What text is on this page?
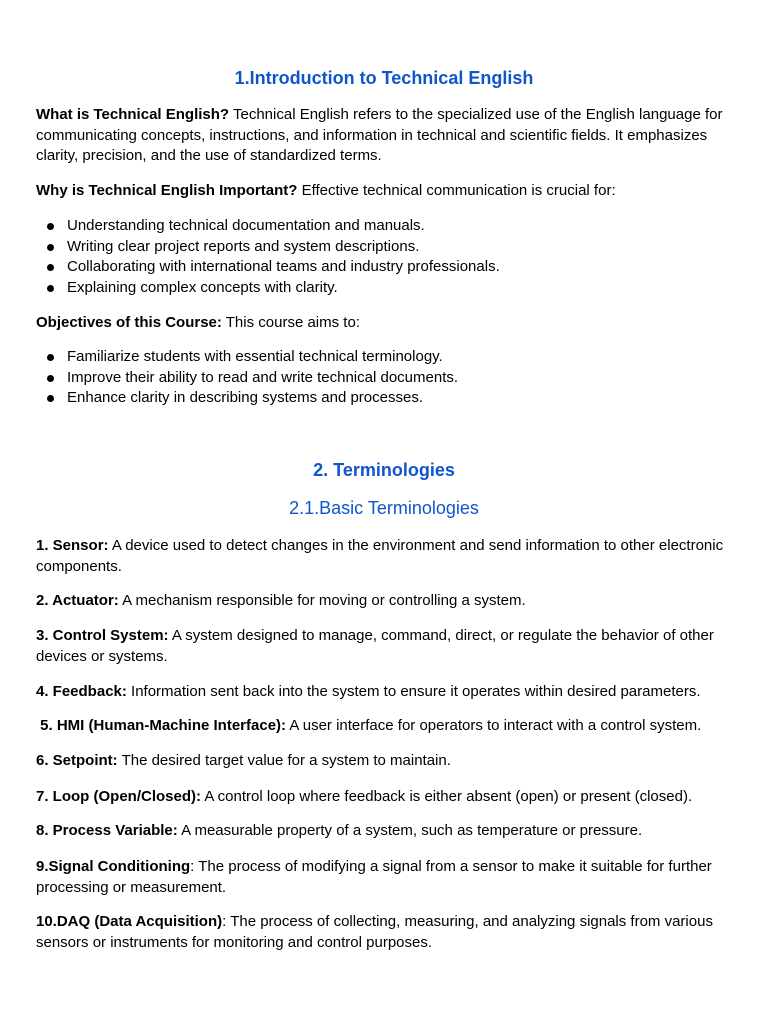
1.Introduction to Technical English

What is Technical English? Technical English refers to the specialized use of the English language for communicating concepts, instructions, and information in technical and scientific fields. It emphasizes clarity, precision, and the use of standardized terms.

Why is Technical English Important? Effective technical communication is crucial for:

Understanding technical documentation and manuals.
Writing clear project reports and system descriptions.
Collaborating with international teams and industry professionals.
Explaining complex concepts with clarity.

Objectives of this Course: This course aims to:

Familiarize students with essential technical terminology.
Improve their ability to read and write technical documents.
Enhance clarity in describing systems and processes.
2. Terminologies
2.1.Basic Terminologies

1. Sensor: A device used to detect changes in the environment and send information to other electronic components.

2. Actuator: A mechanism responsible for moving or controlling a system.

3. Control System: A system designed to manage, command, direct, or regulate the behavior of other devices or systems.

4. Feedback: Information sent back into the system to ensure it operates within desired parameters.

5. HMI (Human-Machine Interface): A user interface for operators to interact with a control system.

6. Setpoint: The desired target value for a system to maintain.

7. Loop (Open/Closed): A control loop where feedback is either absent (open) or present (closed).

8. Process Variable: A measurable property of a system, such as temperature or pressure.

9.Signal Conditioning: The process of modifying a signal from a sensor to make it suitable for further processing or measurement.

10.DAQ (Data Acquisition): The process of collecting, measuring, and analyzing signals from various sensors or instruments for monitoring and control purposes.
